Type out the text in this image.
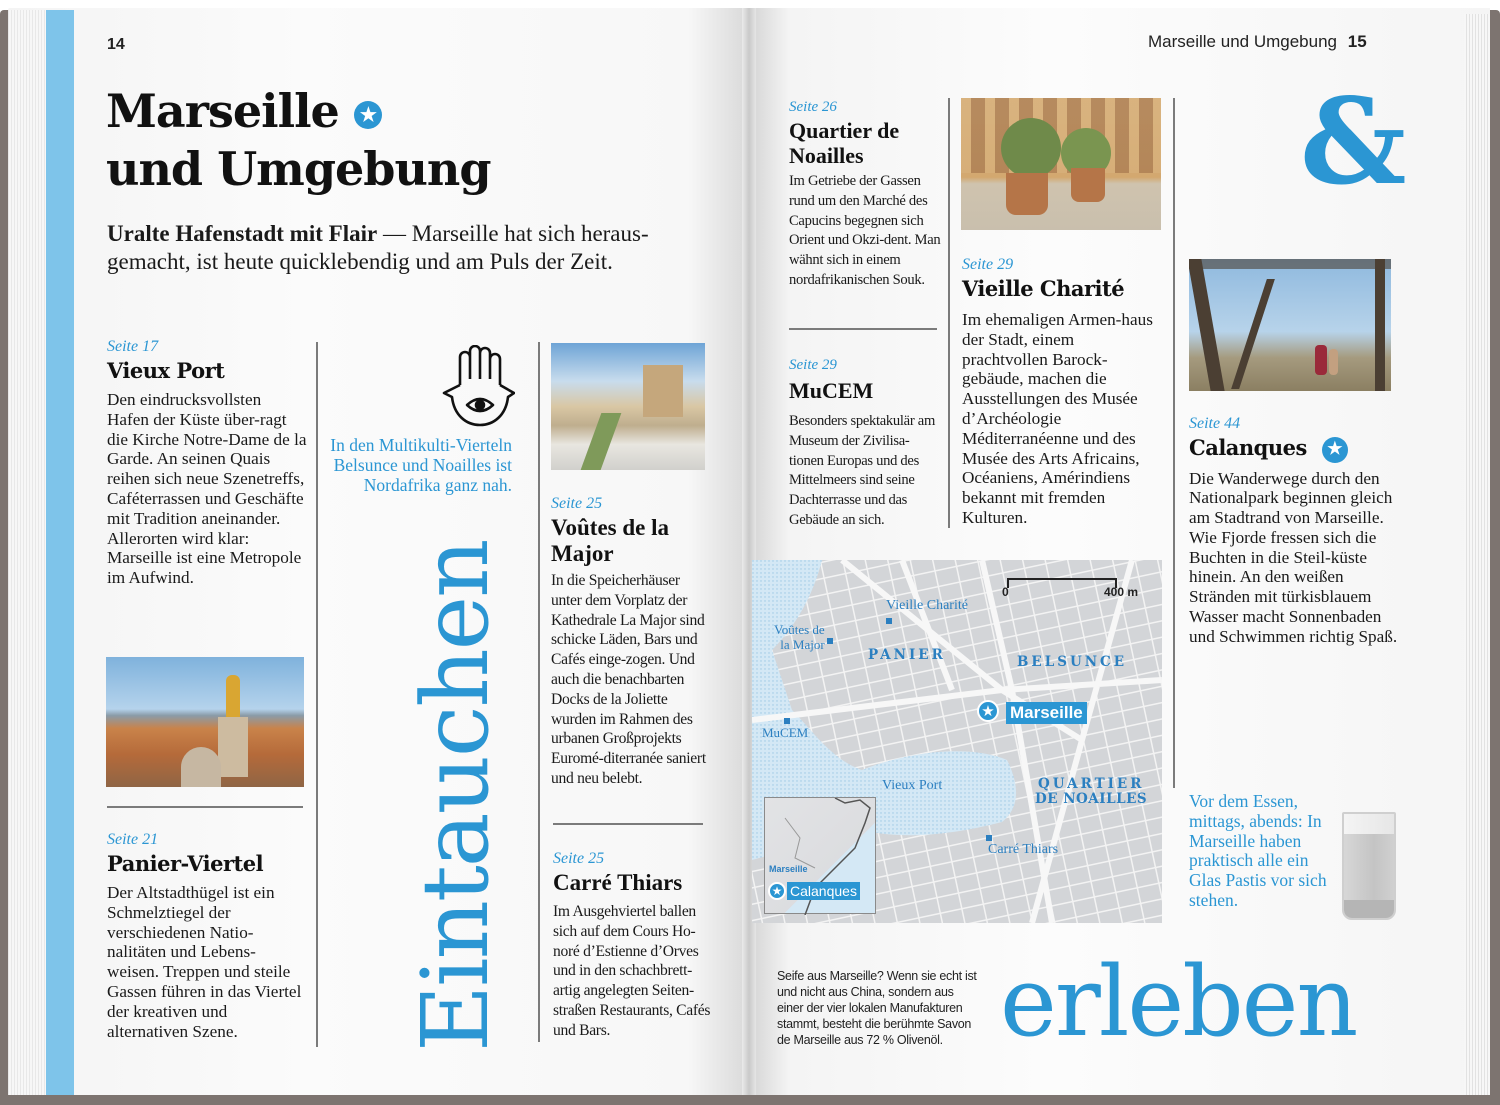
14
Marseille ★
und Umgebung
Uralte Hafenstadt mit Flair — Marseille hat sich heraus-gemacht, ist heute quicklebendig und am Puls der Zeit.
Seite 17
Vieux Port
Den eindrucksvollsten Hafen der Küste über-ragt die Kirche Notre-Dame de la Garde. An seinen Quais reihen sich neue Szenetreffs, Caféterrassen und Geschäfte mit Tradition aneinander. Allerorten wird klar: Marseille ist eine Metropole im Aufwind.
Seite 21
Panier-Viertel
Der Altstadthügel ist ein Schmelztiegel der verschiedenen Natio-nalitäten und Lebens-weisen. Treppen und steile Gassen führen in das Viertel der kreativen und alternativen Szene.
In den Multikulti-Vierteln Belsunce und Noailles ist Nordafrika ganz nah.
Eintauchen
Seite 25
Voûtes de la Major
In die Speicherhäuser unter dem Vorplatz der Kathedrale La Major sind schicke Läden, Bars und Cafés einge-zogen. Und auch die benachbarten Docks de la Joliette wurden im Rahmen des urbanen Großprojekts Euromé-diterranée saniert und neu belebt.
Seite 25
Carré Thiars
Im Ausgehviertel ballen sich auf dem Cours Ho-noré d’Estienne d’Orves und in den schachbrett-artig angelegten Seiten-straßen Restaurants, Cafés und Bars.
Marseille und Umgebung 15
Seite 26
Quartier de Noailles
Im Getriebe der Gassen rund um den Marché des Capucins begegnen sich Orient und Okzi-dent. Man wähnt sich in einem nordafrikanischen Souk.
Seite 29
MuCEM
Besonders spektakulär am Museum der Zivilisa-tionen Europas und des Mittelmeers sind seine Dachterrasse und das Gebäude an sich.
Seite 29
Vieille Charité
Im ehemaligen Armen-haus der Stadt, einem prachtvollen Barock-gebäude, machen die Ausstellungen des Musée d’Archéologie Méditerranéenne und des Musée des Arts Africains, Océaniens, Amérindiens bekannt mit fremden Kulturen.
&
Seite 44
Calanques ★
Die Wanderwege durch den Nationalpark beginnen gleich am Stadtrand von Marseille. Wie Fjorde fressen sich die Buchten in die Steil-küste hinein. An den weißen Stränden mit türkisblauem Wasser macht Sonnenbaden und Schwimmen richtig Spaß.
Vor dem Essen, mittags, abends: In Marseille haben praktisch alle ein Glas Pastis vor sich stehen.
0	400 m
Vieille Charité
Voûtes de
la Major
MuCEM
Vieux Port
Carré Thiars
PANIER	BELSUNCE
QUARTIER
DE NOAILLES
★ Marseille
Marseille
★ Calanques
Seife aus Marseille? Wenn sie echt ist und nicht aus China, sondern aus einer der vier lokalen Manufakturen stammt, besteht die berühmte Savon de Marseille aus 72 % Olivenöl. erleben
